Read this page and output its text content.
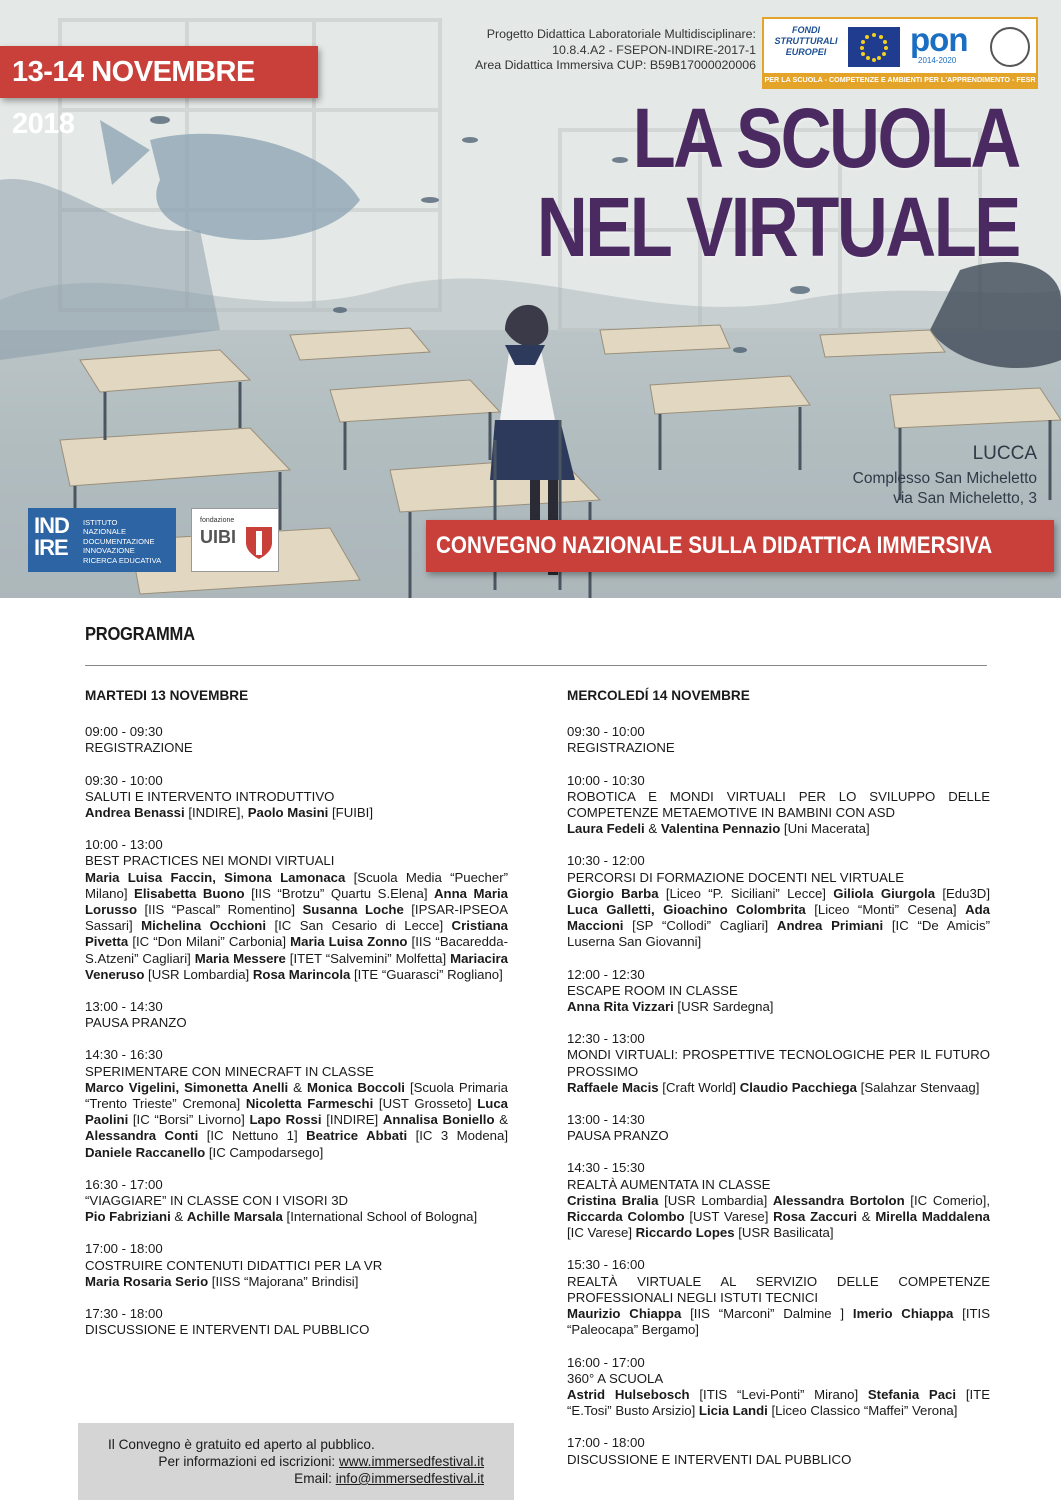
13-14 NOVEMBRE 2018
Progetto Didattica Laboratoriale Multidisciplinare:
10.8.4.A2 - FSEPON-INDIRE-2017-1
Area Didattica Immersiva CUP: B59B17000020006
FONDI STRUTTURALI EUROPEI	pon
2014-2020
PER LA SCUOLA - COMPETENZE E AMBIENTI PER L'APPRENDIMENTO - FESR
LA SCUOLA
NEL VIRTUALE
LUCCA
Complesso San Micheletto
via San Micheletto, 3
IND
IRE
ISTITUTO
NAZIONALE
DOCUMENTAZIONE
INNOVAZIONE
RICERCA EDUCATIVA
fondazione
UIBI	CONVEGNO NAZIONALE SULLA DIDATTICA IMMERSIVA
PROGRAMMA
MARTEDI 13 NOVEMBRE
09:00 - 09:30
REGISTRAZIONE
09:30 - 10:00
SALUTI E INTERVENTO INTRODUTTIVO
Andrea Benassi [INDIRE], Paolo Masini [FUIBI]
10:00 - 13:00
BEST PRACTICES NEI MONDI VIRTUALI
Maria Luisa Faccin, Simona Lamonaca [Scuola Media “Puecher” Milano] Elisabetta Buono [IIS “Brotzu” Quartu S.Elena] Anna Maria Lorusso [IIS “Pascal” Romentino] Susanna Loche [IPSAR-IPSEOA Sassari] Michelina Occhioni [IC San Cesario di Lecce] Cristiana Pivetta [IC “Don Milani” Carbonia] Maria Luisa Zonno [IIS “Bacaredda-S.Atzeni” Cagliari] Maria Messere [ITET “Salvemini” Molfetta] Mariacira Veneruso [USR Lombardia] Rosa Marincola [ITE “Guarasci” Rogliano]
13:00 - 14:30
PAUSA PRANZO
14:30 - 16:30
SPERIMENTARE CON MINECRAFT IN CLASSE
Marco Vigelini, Simonetta Anelli & Monica Boccoli [Scuola Primaria “Trento Trieste” Cremona] Nicoletta Farmeschi [UST Grosseto] Luca Paolini [IC “Borsi” Livorno] Lapo Rossi [INDIRE] Annalisa Boniello & Alessandra Conti [IC Nettuno 1] Beatrice Abbati [IC 3 Modena] Daniele Raccanello [IC Campodarsego]
16:30 - 17:00
“VIAGGIARE” IN CLASSE CON I VISORI 3D
Pio Fabriziani & Achille Marsala [International School of Bologna]
17:00 - 18:00
COSTRUIRE CONTENUTI DIDATTICI PER LA VR
Maria Rosaria Serio [IISS “Majorana” Brindisi]
17:30 - 18:00
DISCUSSIONE E INTERVENTI DAL PUBBLICO
MERCOLEDÍ 14 NOVEMBRE
09:30 - 10:00
REGISTRAZIONE
10:00 - 10:30
ROBOTICA E MONDI VIRTUALI PER LO SVILUPPO DELLE COMPETENZE METAEMOTIVE IN BAMBINI CON ASD
Laura Fedeli & Valentina Pennazio [Uni Macerata]
10:30 - 12:00
PERCORSI DI FORMAZIONE DOCENTI NEL VIRTUALE
Giorgio Barba [Liceo “P. Siciliani” Lecce] Giliola Giurgola [Edu3D] Luca Galletti, Gioachino Colombrita [Liceo “Monti” Cesena] Ada Maccioni [SP “Collodi” Cagliari] Andrea Primiani [IC “De Amicis” Luserna San Giovanni]
12:00 - 12:30
ESCAPE ROOM IN CLASSE
Anna Rita Vizzari [USR Sardegna]
12:30 - 13:00
MONDI VIRTUALI: PROSPETTIVE TECNOLOGICHE PER IL FUTURO PROSSIMO
Raffaele Macis [Craft World] Claudio Pacchiega [Salahzar Stenvaag]
13:00 - 14:30
PAUSA PRANZO
14:30 - 15:30
REALTÀ AUMENTATA IN CLASSE
Cristina Bralia [USR Lombardia] Alessandra Bortolon [IC Comerio], Riccarda Colombo [UST Varese] Rosa Zaccuri & Mirella Maddalena [IC Varese] Riccardo Lopes [USR Basilicata]
15:30 - 16:00
REALTÀ VIRTUALE AL SERVIZIO DELLE COMPETENZE PROFESSIONALI NEGLI ISTUTI TECNICI
Maurizio Chiappa [IIS “Marconi” Dalmine ] Imerio Chiappa [ITIS “Paleocapa” Bergamo]
16:00 - 17:00
360° A SCUOLA
Astrid Hulsebosch [ITIS “Levi-Ponti” Mirano] Stefania Paci [ITE “E.Tosi” Busto Arsizio] Licia Landi [Liceo Classico “Maffei” Verona]
17:00 - 18:00
DISCUSSIONE E INTERVENTI DAL PUBBLICO
Il Convegno è gratuito ed aperto al pubblico.
Per informazioni ed iscrizioni: www.immersedfestival.it
Email: info@immersedfestival.it
